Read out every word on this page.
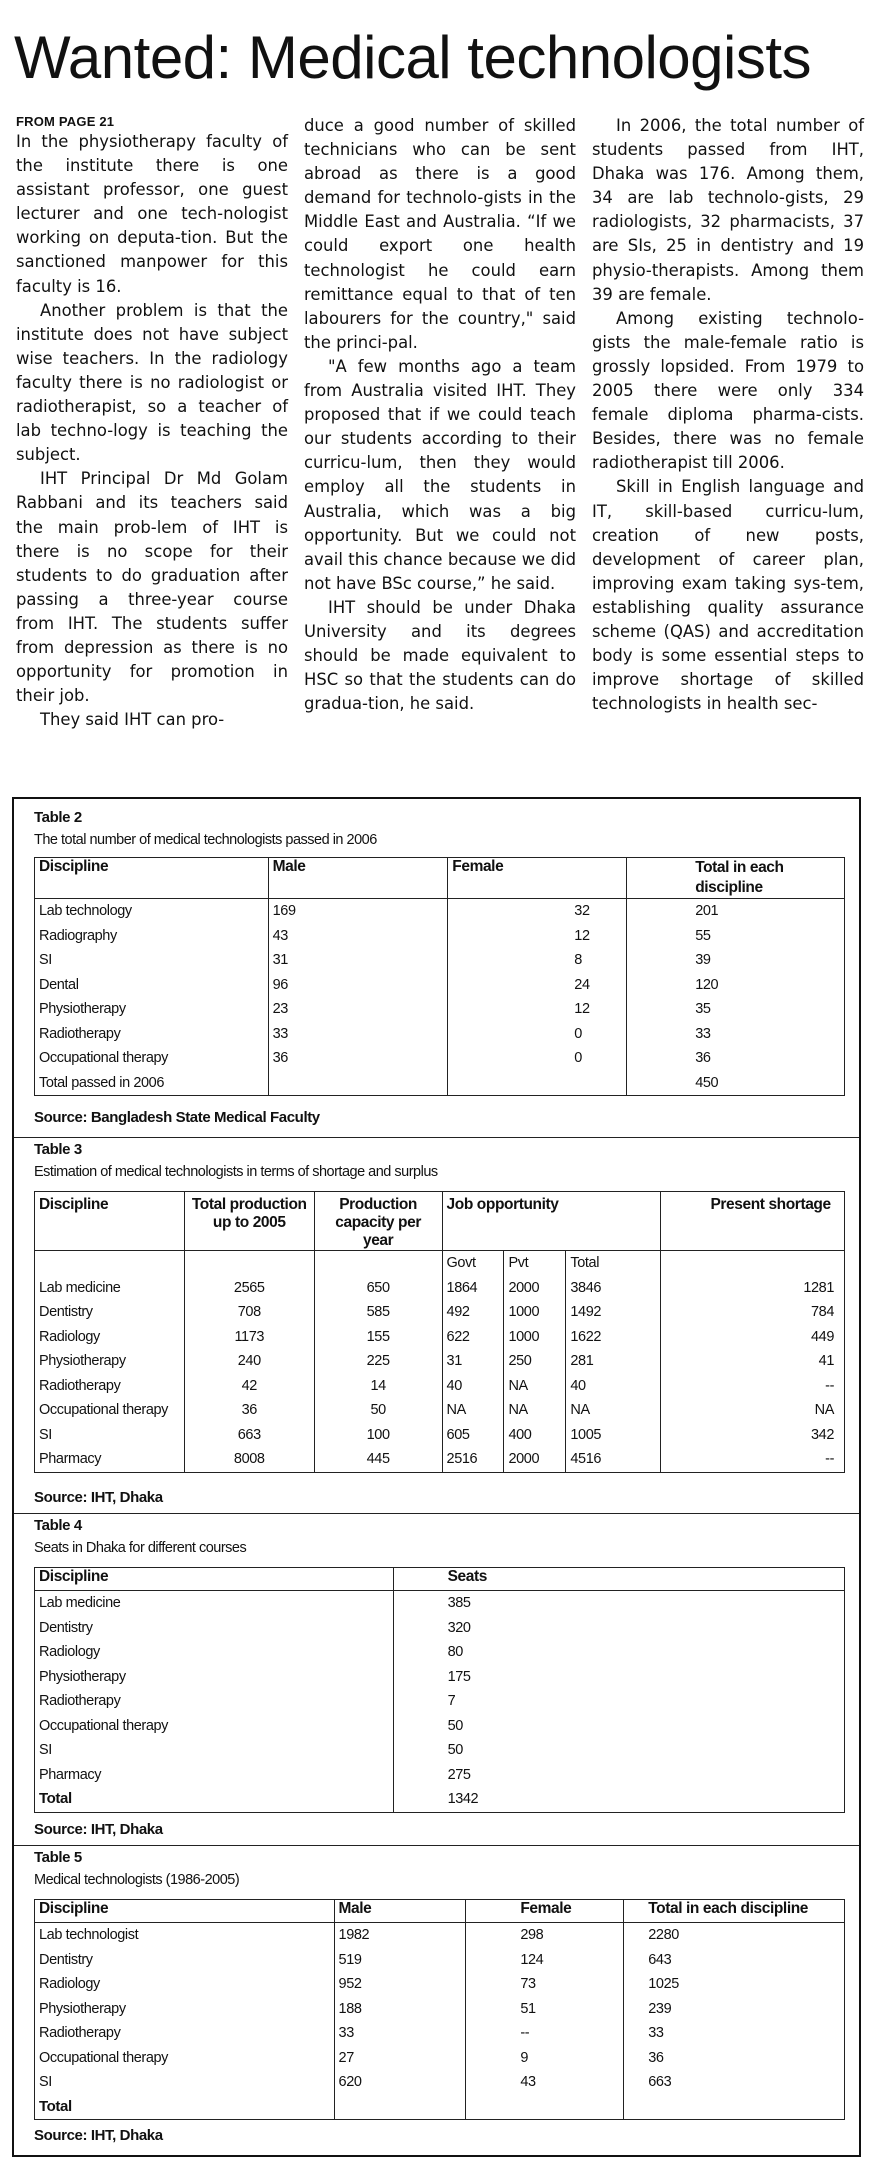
Wanted: Medical technologists
FROM PAGE 21

In the physiotherapy faculty of the institute there is one assistant professor, one guest lecturer and one tech-nologist working on deputa-tion. But the sanctioned manpower for this faculty is 16.

Another problem is that the institute does not have subject wise teachers. In the radiology faculty there is no radiologist or radiotherapist, so a teacher of lab techno-logy is teaching the subject.

IHT Principal Dr Md Golam Rabbani and its teachers said the main prob-lem of IHT is there is no scope for their students to do graduation after passing a three-year course from IHT. The students suffer from depression as there is no opportunity for promotion in their job.

They said IHT can pro-

duce a good number of skilled technicians who can be sent abroad as there is a good demand for technolo-gists in the Middle East and Australia. “If we could export one health technologist he could earn remittance equal to that of ten labourers for the country," said the princi-pal.

"A few months ago a team from Australia visited IHT. They proposed that if we could teach our students according to their curricu-lum, then they would employ all the students in Australia, which was a big opportunity. But we could not avail this chance because we did not have BSc course,” he said.

IHT should be under Dhaka University and its degrees should be made equivalent to HSC so that the students can do gradua-tion, he said.

In 2006, the total number of students passed from IHT, Dhaka was 176. Among them, 34 are lab technolo-gists, 29 radiologists, 32 pharmacists, 37 are SIs, 25 in dentistry and 19 physio-therapists. Among them 39 are female.

Among existing technolo-gists the male-female ratio is grossly lopsided. From 1979 to 2005 there were only 334 female diploma pharma-cists. Besides, there was no female radiotherapist till 2006.

Skill in English language and IT, skill-based curricu-lum, creation of new posts, development of career plan, improving exam taking sys-tem, establishing quality assurance scheme (QAS) and accreditation body is some essential steps to improve shortage of skilled technologists in health sec-

Table 2
The total number of medical technologists passed in 2006
Discipline	Male	Female	Total in each discipline
Lab technology	169	32	201
Radiography	43	12	55
SI	31	8	39
Dental	96	24	120
Physiotherapy	23	12	35
Radiotherapy	33	0	33
Occupational therapy	36	0	36
Total passed in 2006			450
Source: Bangladesh State Medical Faculty
Table 3
Estimation of medical technologists in terms of shortage and surplus
Discipline	Total production up to 2005	Production capacity per year	Job opportunity			Present shortage
			Govt	Pvt	Total	
Lab medicine	2565	650	1864	2000	3846	1281
Dentistry	708	585	492	1000	1492	784
Radiology	1173	155	622	1000	1622	449
Physiotherapy	240	225	31	250	281	41
Radiotherapy	42	14	40	NA	40	--
Occupational therapy	36	50	NA	NA	NA	NA
SI	663	100	605	400	1005	342
Pharmacy	8008	445	2516	2000	4516	--
Source: IHT, Dhaka
Table 4
Seats in Dhaka for different courses
Discipline	Seats
Lab medicine	385
Dentistry	320
Radiology	80
Physiotherapy	175
Radiotherapy	7
Occupational therapy	50
SI	50
Pharmacy	275
Total	1342
Source: IHT, Dhaka
Table 5
Medical technologists (1986-2005)
Discipline	Male	Female	Total in each discipline
Lab technologist	1982	298	2280
Dentistry	519	124	643
Radiology	952	73	1025
Physiotherapy	188	51	239
Radiotherapy	33	--	33
Occupational therapy	27	9	36
SI	620	43	663
Total			
Source: IHT, Dhaka
